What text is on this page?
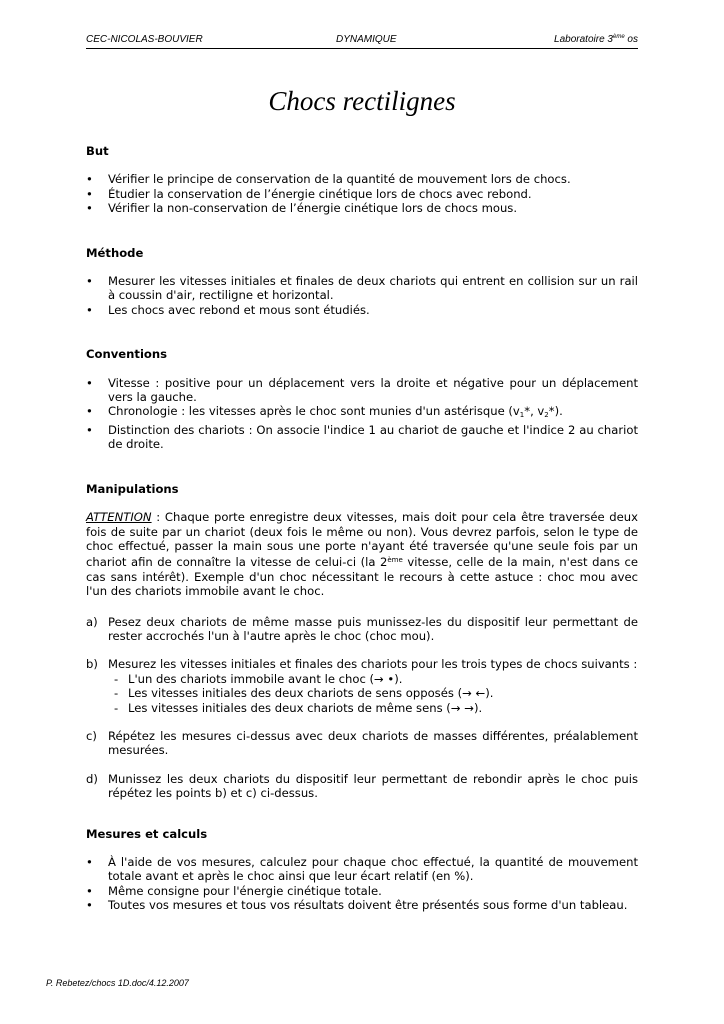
CEC-NICOLAS-BOUVIER	DYNAMIQUE	Laboratoire 3ème os
Chocs rectilignes

But

• Vérifier le principe de conservation de la quantité de mouvement lors de chocs.
• Étudier la conservation de l’énergie cinétique lors de chocs avec rebond.
• Vérifier la non-conservation de l’énergie cinétique lors de chocs mous.

Méthode

• Mesurer les vitesses initiales et finales de deux chariots qui entrent en collision sur un rail à coussin d'air, rectiligne et horizontal.
• Les chocs avec rebond et mous sont étudiés.

Conventions

• Vitesse : positive pour un déplacement vers la droite et négative pour un déplacement vers la gauche.
• Chronologie : les vitesses après le choc sont munies d'un astérisque ($v_1*$, $v_2*$).
• Distinction des chariots : On associe l'indice 1 au chariot de gauche et l'indice 2 au chariot de droite.

Manipulations

ATTENTION : Chaque porte enregistre deux vitesses, mais doit pour cela être traversée deux fois de suite par un chariot (deux fois le même ou non). Vous devrez parfois, selon le type de choc effectué, passer la main sous une porte n'ayant été traversée qu'une seule fois par un chariot afin de connaître la vitesse de celui-ci (la 2ème vitesse, celle de la main, n'est dans ce cas sans intérêt). Exemple d'un choc nécessitant le recours à cette astuce : choc mou avec l'un des chariots immobile avant le choc.

a) Pesez deux chariots de même masse puis munissez-les du dispositif leur permettant de rester accrochés l'un à l'autre après le choc (choc mou).
b) Mesurez les vitesses initiales et finales des chariots pour les trois types de chocs suivants :
- L'un des chariots immobile avant le choc (→ •).
- Les vitesses initiales des deux chariots de sens opposés (→ ←).
- Les vitesses initiales des deux chariots de même sens (→ →).
c) Répétez les mesures ci-dessus avec deux chariots de masses différentes, préalablement mesurées.
d) Munissez les deux chariots du dispositif leur permettant de rebondir après le choc puis répétez les points b) et c) ci-dessus.

Mesures et calculs

• À l'aide de vos mesures, calculez pour chaque choc effectué, la quantité de mouvement totale avant et après le choc ainsi que leur écart relatif (en %).
• Même consigne pour l'énergie cinétique totale.
• Toutes vos mesures et tous vos résultats doivent être présentés sous forme d'un tableau.
P. Rebetez/chocs 1D.doc/4.12.2007
